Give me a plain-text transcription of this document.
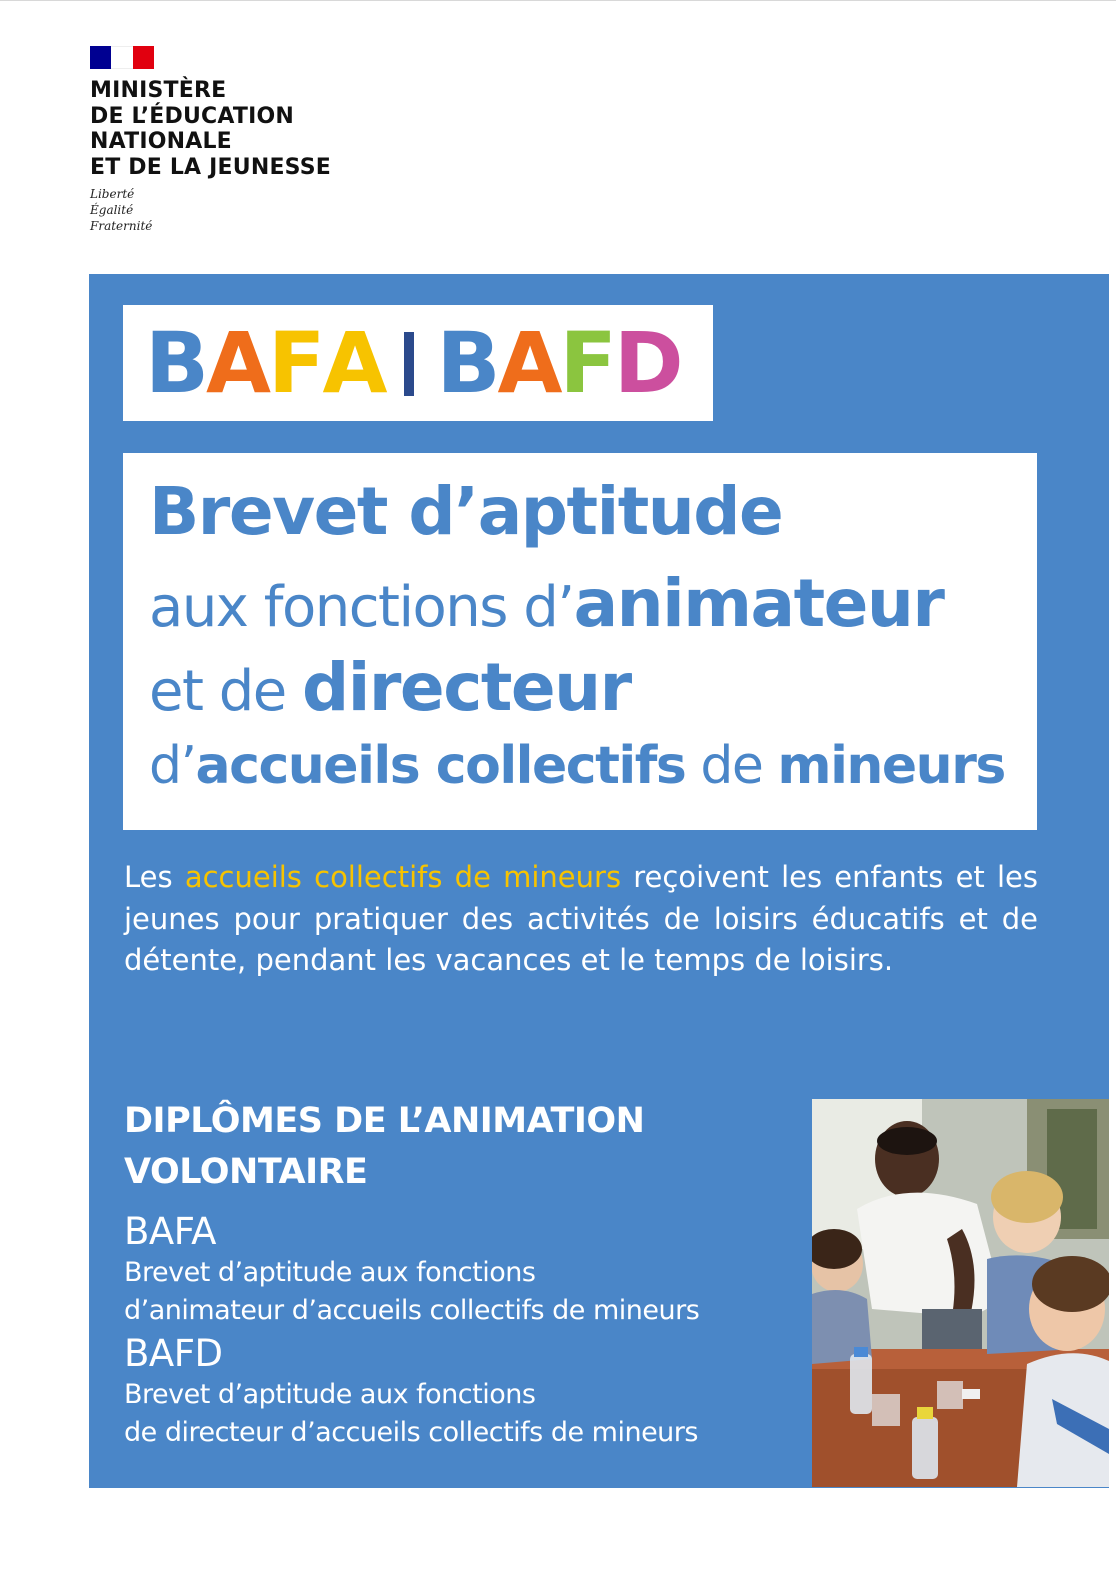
MINISTÈRE
DE L’ÉDUCATION
NATIONALE
ET DE LA JEUNESSE
Liberté
Égalité
Fraternité
BAFA BAFD
Brevet d’aptitude
aux fonctions d’animateur
et de directeur
d’accueils collectifs de mineurs
Les accueils collectifs de mineurs reçoivent les enfants et les jeunes pour pratiquer des activités de loisirs éducatifs et de détente, pendant les vacances et le temps de loisirs.
DIPLÔMES DE L’ANIMATION
VOLONTAIRE
BAFA
Brevet d’aptitude aux fonctions
d’animateur d’accueils collectifs de mineurs
BAFD
Brevet d’aptitude aux fonctions
de directeur d’accueils collectifs de mineurs
